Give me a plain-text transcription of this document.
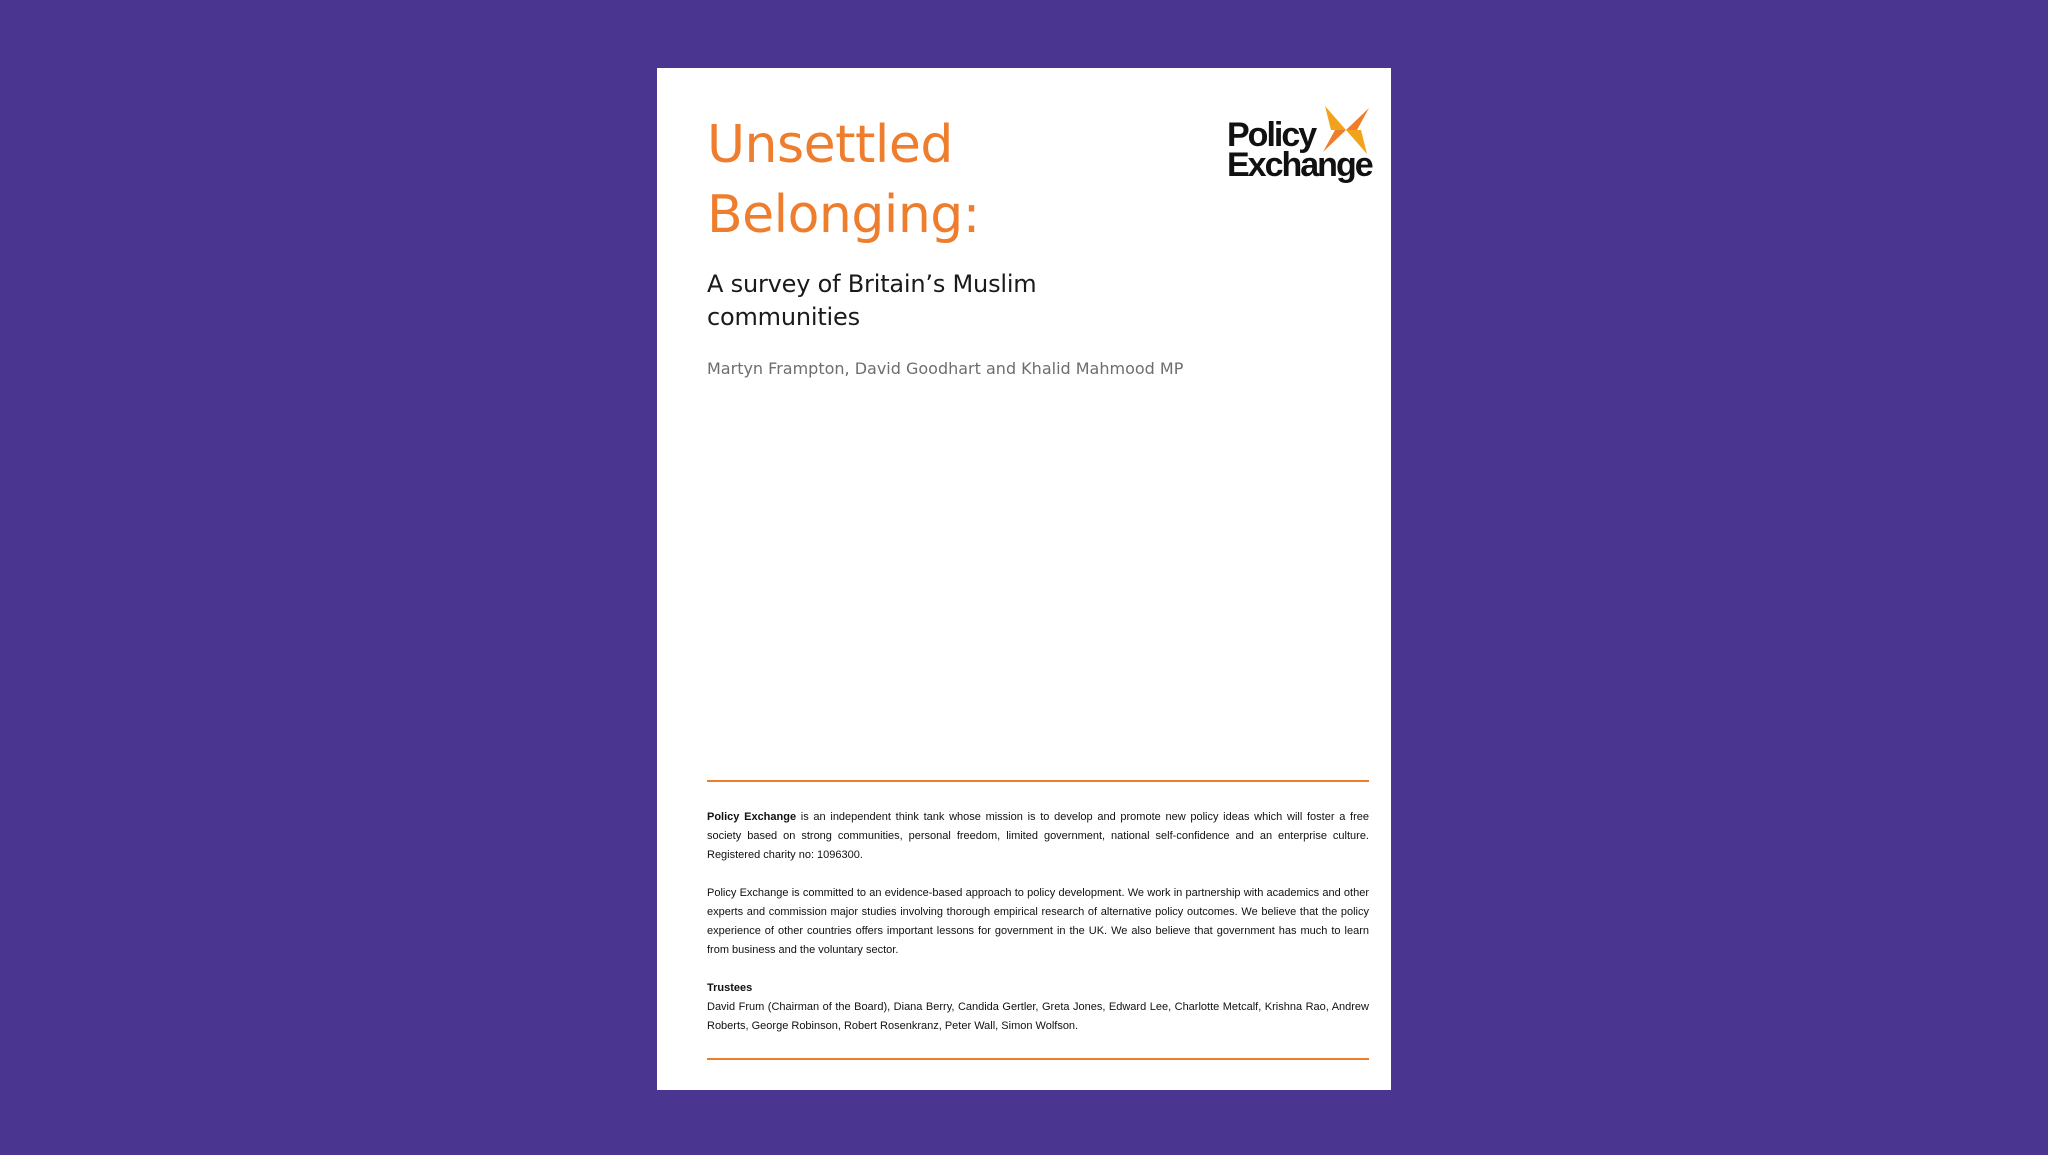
Unsettled Belonging:
A survey of Britain’s Muslim communities

Martyn Frampton, David Goodhart and Khalid Mahmood MP

Policy
Exchange

Policy Exchange is an independent think tank whose mission is to develop and promote new policy ideas which will foster a free society based on strong communities, personal freedom, limited government, national self-confidence and an enterprise culture. Registered charity no: 1096300.

Policy Exchange is committed to an evidence-based approach to policy development. We work in partnership with academics and other experts and commission major studies involving thorough empirical research of alternative policy outcomes. We believe that the policy experience of other countries offers important lessons for government in the UK. We also believe that government has much to learn from business and the voluntary sector.

Trustees
David Frum (Chairman of the Board), Diana Berry, Candida Gertler, Greta Jones, Edward Lee, Charlotte Metcalf, Krishna Rao, Andrew Roberts, George Robinson, Robert Rosenkranz, Peter Wall, Simon Wolfson.
